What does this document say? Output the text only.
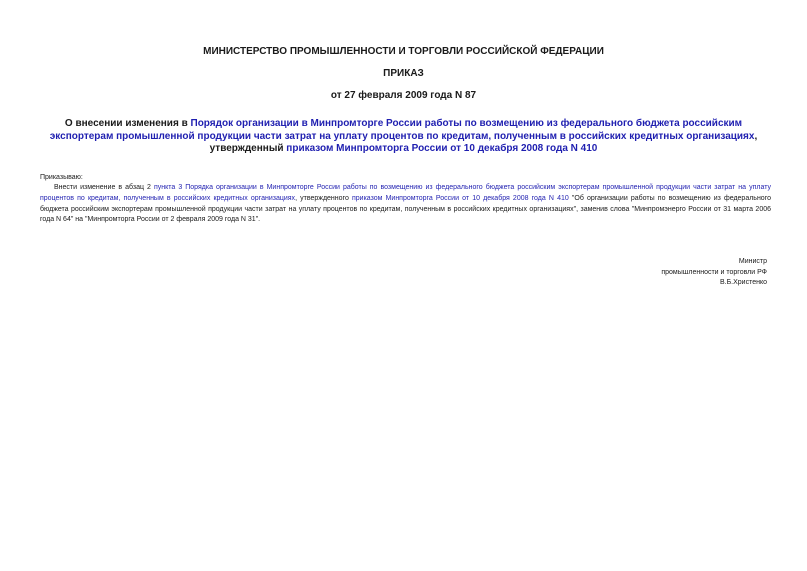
МИНИСТЕРСТВО ПРОМЫШЛЕННОСТИ И ТОРГОВЛИ РОССИЙСКОЙ ФЕДЕРАЦИИ

ПРИКАЗ

от 27 февраля 2009 года N 87

О внесении изменения в Порядок организации в Минпромторге России работы по возмещению из федерального бюджета российским экспортерам промышленной продукции части затрат на уплату процентов по кредитам, полученным в российских кредитных организациях, утвержденный приказом Минпромторга России от 10 декабря 2008 года N 410

Приказываю:

Внести изменение в абзац 2 пункта 3 Порядка организации в Минпромторге России работы по возмещению из федерального бюджета российским экспортерам промышленной продукции части затрат на уплату процентов по кредитам, полученным в российских кредитных организациях, утвержденного приказом Минпромторга России от 10 декабря 2008 года N 410 "Об организации работы по возмещению из федерального бюджета российским экспортерам промышленной продукции части затрат на уплату процентов по кредитам, полученным в российских кредитных организациях", заменив слова "Минпромэнерго России от 31 марта 2006 года N 64" на "Минпромторга России от 2 февраля 2009 года N 31".

Министр
промышленности и торговли РФ
В.Б.Христенко
